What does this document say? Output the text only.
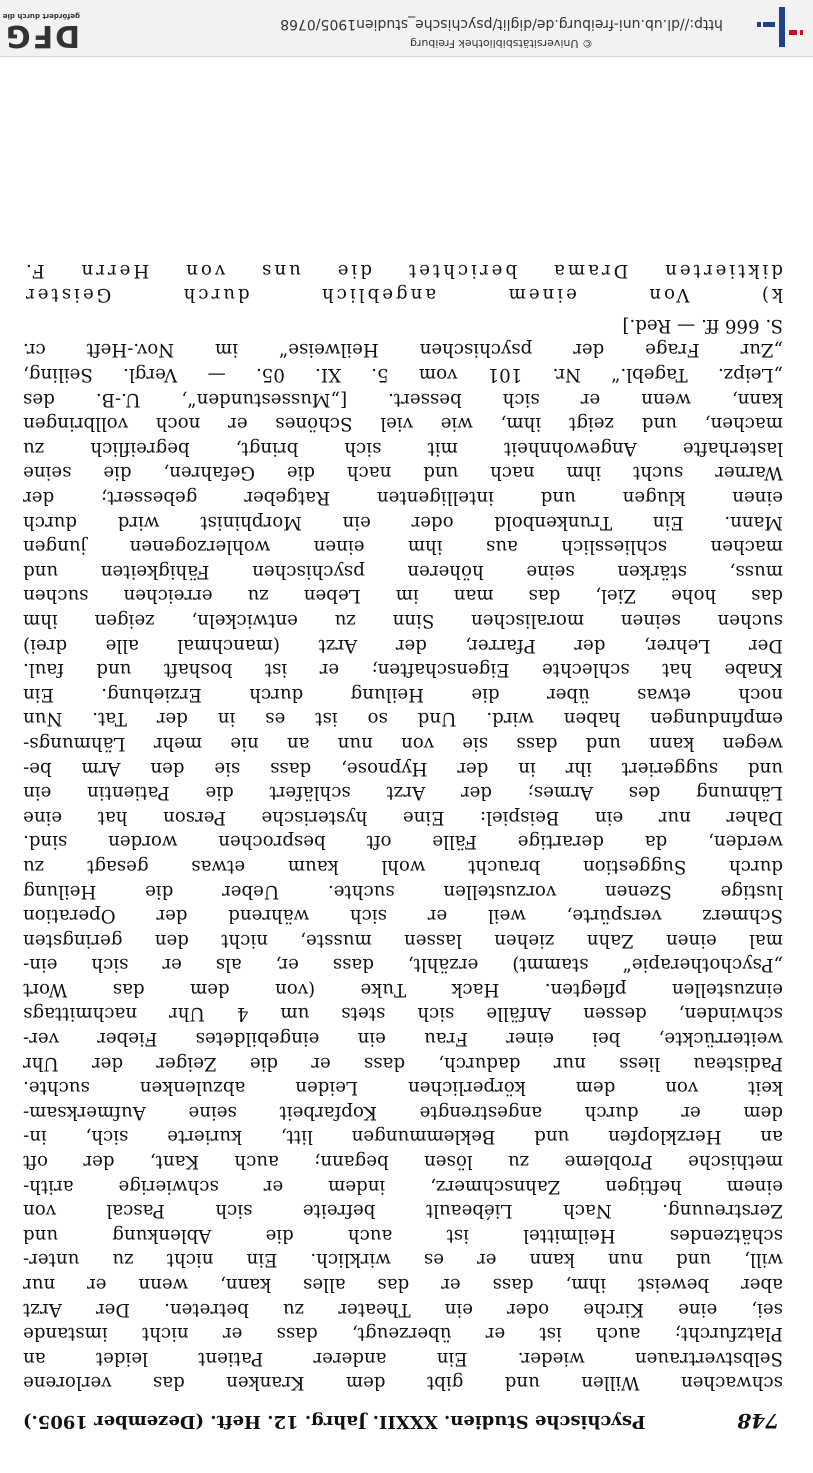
748
Psychische Studien. XXXII. Jahrg. 12. Heft. (Dezember 1905.)
schwachen
Willen
und
gibt
dem
Kranken
das
verlorene
Selbstvertrauen
wieder.
Ein
anderer
Patient
leidet
an
Platzfurcht;
auch
ist
er
überzeugt,
dass
er
nicht
imstande
sei,
eine
Kirche
oder
ein
Theater
zu
betreten.
Der
Arzt
aber
beweist
ihm,
dass
er
das
alles
kann,
wenn
er
nur
will,
und
nun
kann
er
es
wirklich.
Ein
nicht
zu
unter-
schätzendes
Heilmittel
ist
auch
die
Ablenkung
und
Zerstreuung.
Nach
Liébeault
befreite
sich
Pascal
von
einem
heftigen
Zahnschmerz,
indem
er
schwierige
arith-
methische
Probleme
zu
lösen
begann;
auch
Kant,
der
oft
an
Herzklopfen
und
Beklemmungen
litt,
kurierte
sich,
in-
dem
er
durch
angestrengte
Kopfarbeit
seine
Aufmerksam-
keit
von
dem
körperlichen
Leiden
abzulenken
suchte.
Padisteau
liess
nur
dadurch,
dass
er
die
Zeiger
der
Uhr
weiterrückte,
bei
einer
Frau
ein
eingebildetes
Fieber
ver-
schwinden,
dessen
Anfälle
sich
stets
um
4
Uhr
nachmittags
einzustellen
pflegten.
Hack
Tuke
(von
dem
das
Wort
„Psychotherapie“
stammt)
erzählt,
dass
er,
als
er
sich
ein-
mal
einen
Zahn
ziehen
lassen
musste,
nicht
den
geringsten
Schmerz
verspürte,
weil
er
sich
während
der
Operation
lustige
Szenen
vorzustellen
suchte.
Ueber
die
Heilung
durch
Suggestion
braucht
wohl
kaum
etwas
gesagt
zu
werden,
da
derartige
Fälle
oft
besprochen
worden
sind.
Daher
nur
ein
Beispiel:
Eine
hysterische
Person
hat
eine
Lähmung
des
Armes;
der
Arzt
schläfert
die
Patientin
ein
und
suggeriert
ihr
in
der
Hypnose,
dass
sie
den
Arm
be-
wegen
kann
und
dass
sie
von
nun
an
nie
mehr
Lähmungs-
empfindungen
haben
wird.
Und
so
ist
es
in
der
Tat.
Nun
noch
etwas
über
die
Heilung
durch
Erziehung.
Ein
Knabe
hat
schlechte
Eigenschaften;
er
ist
boshaft
und
faul.
Der
Lehrer,
der
Pfarrer,
der
Arzt
(manchmal
alle
drei)
suchen
seinen
moralischen
Sinn
zu
entwickeln,
zeigen
ihm
das
hohe
Ziel,
das
man
im
Leben
zu
erreichen
suchen
muss,
stärken
seine
höheren
psychischen
Fähigkeiten
und
machen
schliesslich
aus
ihm
einen
wohlerzogenen
jungen
Mann.
Ein
Trunkenbold
oder
ein
Morphinist
wird
durch
einen
klugen
und
intelligenten
Ratgeber
gebessert;
der
Warner
sucht
ihm
nach
und
nach
die
Gefahren,
die
seine
lasterhafte
Angewohnheit
mit
sich
bringt,
begreiflich
zu
machen,
und
zeigt
ihm,
wie
viel
Schönes
er
noch
vollbringen
kann,
wenn
er
sich
bessert.
[„Mussestunden“,
U.-B.
des
„Leipz.
Tagebl.“
Nr.
101
vom
5.
XI.
05.
—
Vergl.
Seiling,
„Zur
Frage
der
psychischen
Heilweise“
im
Nov.-Heft
cr.
S. 666 ff. — Red.]
k)
Von
einem
angeblich
durch
Geister
diktierten
Drama
berichtet
die
uns
von
Herrn
F.
© Universitätsbibliothek Freiburg
http://dl.ub.uni-freiburg.de/diglit/psychische_studien1905/0768
DFG
gefördert durch die
